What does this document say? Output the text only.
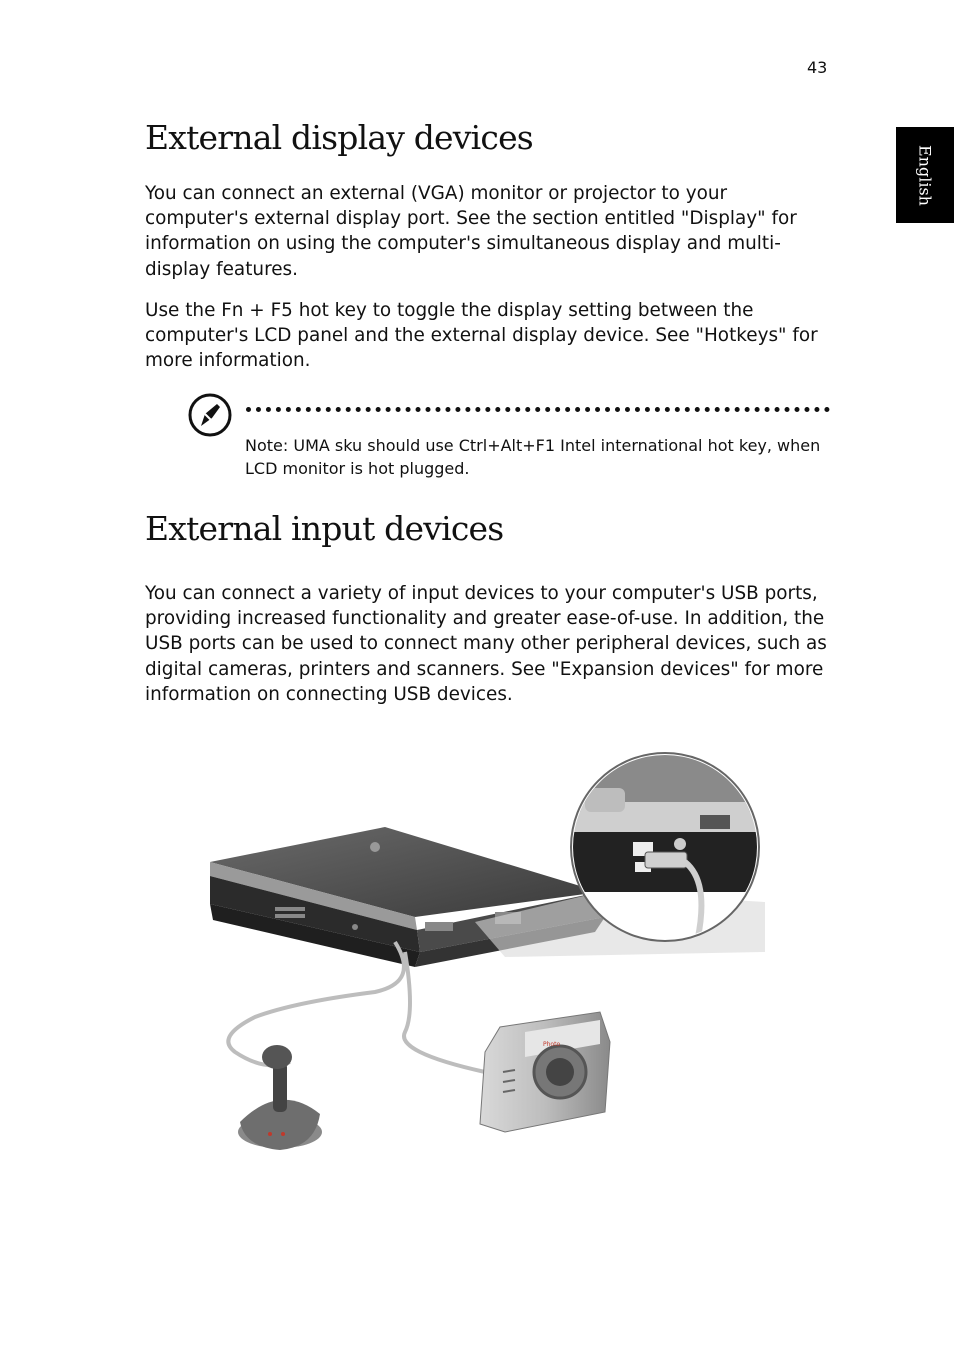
43
English
External display devices

You can connect an external (VGA) monitor or projector to your computer's external display port. See the section entitled "Display" for information on using the computer's simultaneous display and multi-display features.

Use the Fn + F5 hot key to toggle the display setting between the computer's LCD panel and the external display device. See "Hotkeys" for more information.

Note: UMA sku should use Ctrl+Alt+F1 Intel international hot key, when LCD monitor is hot plugged.

External input devices

You can connect a variety of input devices to your computer's USB ports, providing increased functionality and greater ease-of-use. In addition, the USB ports can be used to connect many other peripheral devices, such as digital cameras, printers and scanners. See "Expansion devices" for more information on connecting USB devices.

Photo
